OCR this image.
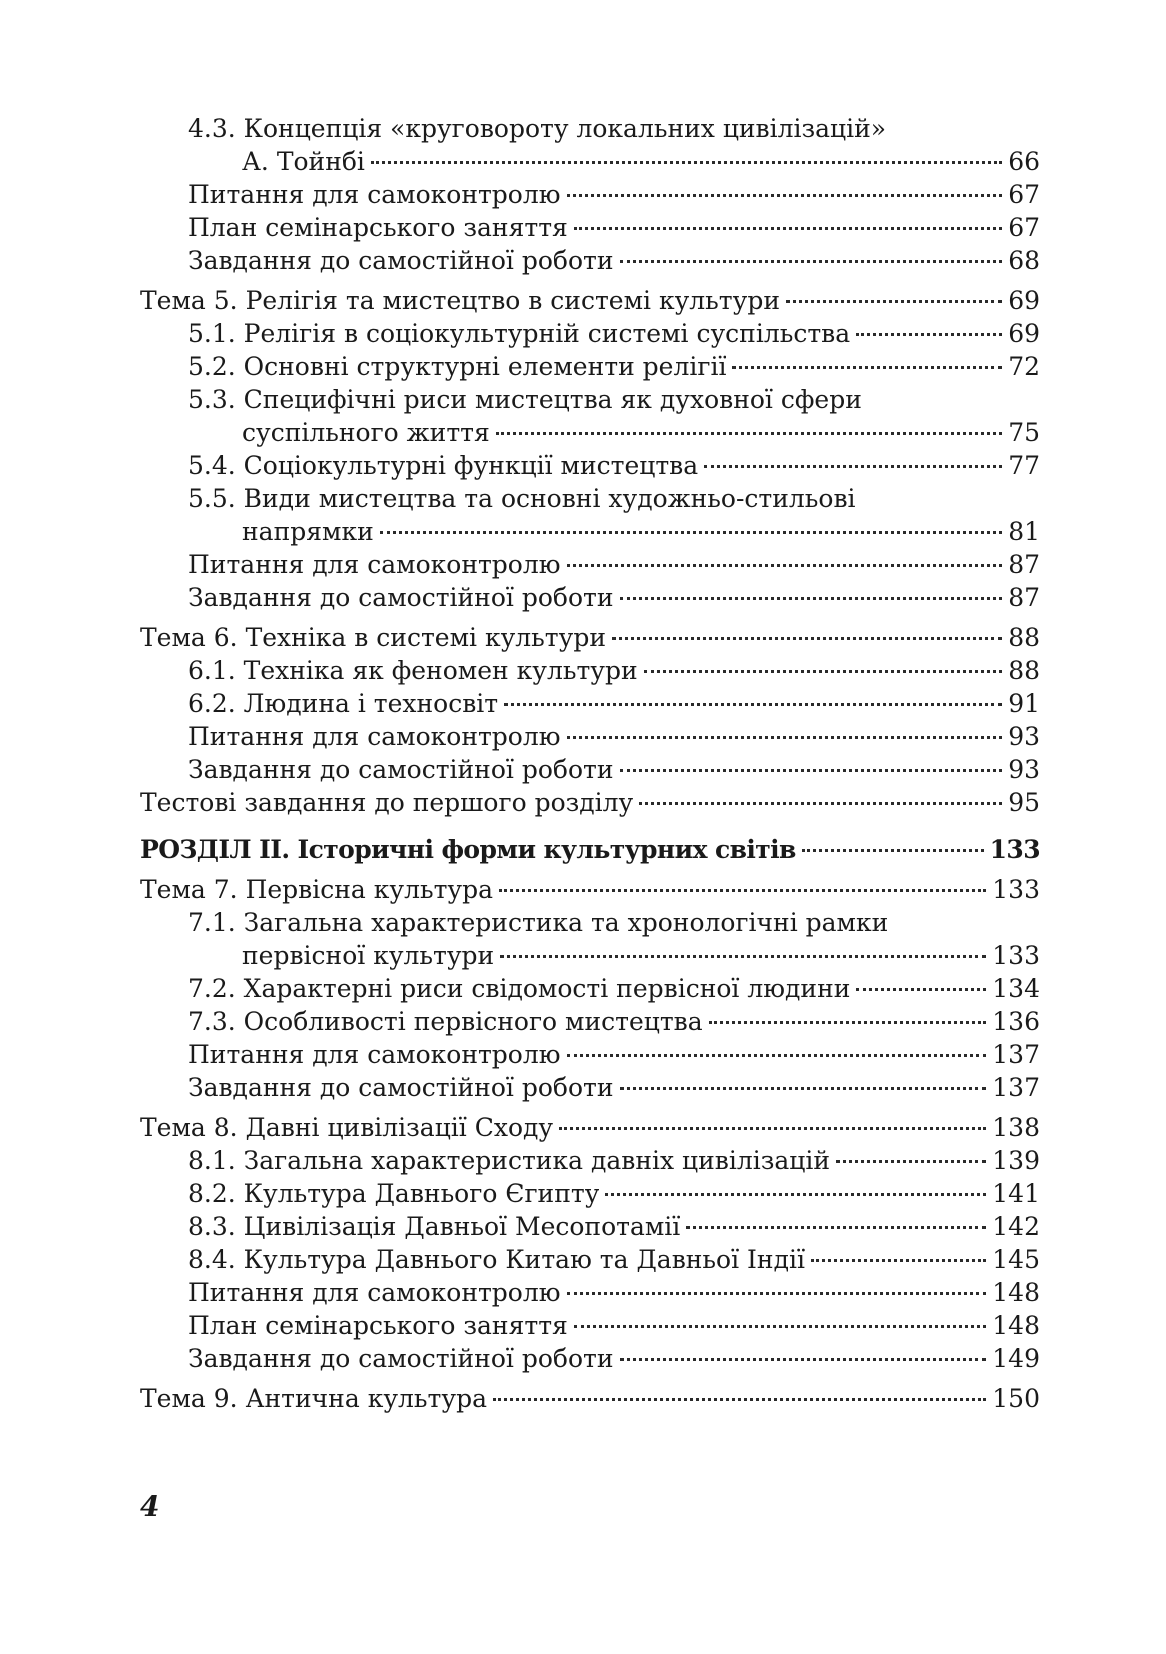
4.3. Концепція «круговороту локальних цивілізацій»
А. Тойнбі	66
Питання для самоконтролю	67
План семінарського заняття	67
Завдання до самостійної роботи	68
Тема 5. Релігія та мистецтво в системі культури	69
5.1. Релігія в соціокультурній системі суспільства	69
5.2. Основні структурні елементи релігії	72
5.3. Специфічні риси мистецтва як духовної сфери
суспільного життя	75
5.4. Соціокультурні функції мистецтва	77
5.5. Види мистецтва та основні художньо-стильові
напрямки	81
Питання для самоконтролю	87
Завдання до самостійної роботи	87
Тема 6. Техніка в системі культури	88
6.1. Техніка як феномен культури	88
6.2. Людина і техносвіт	91
Питання для самоконтролю	93
Завдання до самостійної роботи	93
Тестові завдання до першого розділу	95
РОЗДІЛ ІІ. Історичні форми культурних світів	133
Тема 7. Первісна культура	133
7.1. Загальна характеристика та хронологічні рамки
первісної культури	133
7.2. Характерні риси свідомості первісної людини	134
7.3. Особливості первісного мистецтва	136
Питання для самоконтролю	137
Завдання до самостійної роботи	137
Тема 8. Давні цивілізації Сходу	138
8.1. Загальна характеристика давніх цивілізацій	139
8.2. Культура Давнього Єгипту	141
8.3. Цивілізація Давньої Месопотамії	142
8.4. Культура Давнього Китаю та Давньої Індії	145
Питання для самоконтролю	148
План семінарського заняття	148
Завдання до самостійної роботи	149
Тема 9. Антична культура	150
4
